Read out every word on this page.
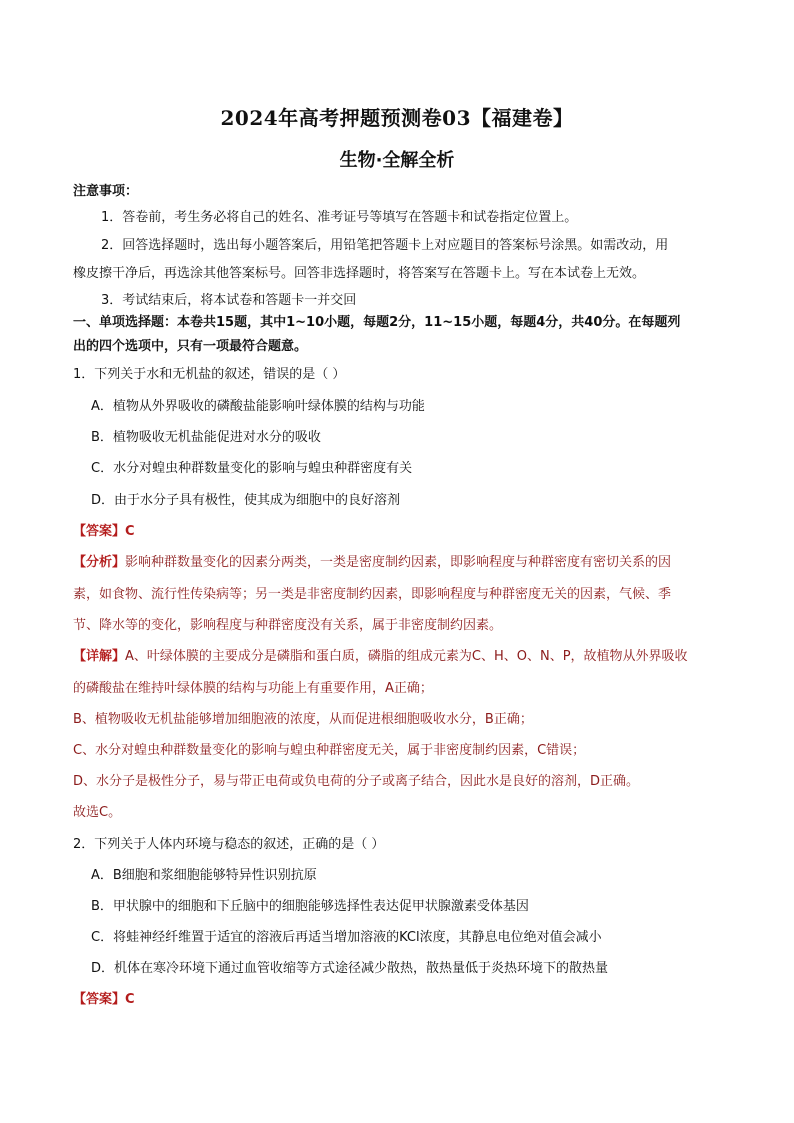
2024年高考押题预测卷03【福建卷】
生物·全解全析
注意事项：
1．答卷前，考生务必将自己的姓名、准考证号等填写在答题卡和试卷指定位置上。
2．回答选择题时，选出每小题答案后，用铅笔把答题卡上对应题目的答案标号涂黑。如需改动，用
橡皮擦干净后，再选涂其他答案标号。回答非选择题时，将答案写在答题卡上。写在本试卷上无效。
3．考试结束后，将本试卷和答题卡一并交回
一、单项选择题：本卷共15题，其中1~10小题，每题2分，11~15小题，每题4分，共40分。在每题列
出的四个选项中，只有一项最符合题意。
1．下列关于水和无机盐的叙述，错误的是（ ）
A．植物从外界吸收的磷酸盐能影响叶绿体膜的结构与功能
B．植物吸收无机盐能促进对水分的吸收
C．水分对蝗虫种群数量变化的影响与蝗虫种群密度有关
D．由于水分子具有极性，使其成为细胞中的良好溶剂
【答案】C
【分析】影响种群数量变化的因素分两类，一类是密度制约因素，即影响程度与种群密度有密切关系的因
素，如食物、流行性传染病等；另一类是非密度制约因素，即影响程度与种群密度无关的因素，气候、季
节、降水等的变化，影响程度与种群密度没有关系，属于非密度制约因素。
【详解】A、叶绿体膜的主要成分是磷脂和蛋白质，磷脂的组成元素为C、H、O、N、P，故植物从外界吸收
的磷酸盐在维持叶绿体膜的结构与功能上有重要作用，A正确；
B、植物吸收无机盐能够增加细胞液的浓度，从而促进根细胞吸收水分，B正确；
C、水分对蝗虫种群数量变化的影响与蝗虫种群密度无关，属于非密度制约因素，C错误；
D、水分子是极性分子，易与带正电荷或负电荷的分子或离子结合，因此水是良好的溶剂，D正确。
故选C。
2．下列关于人体内环境与稳态的叙述，正确的是（ ）
A．B细胞和浆细胞能够特异性识别抗原
B．甲状腺中的细胞和下丘脑中的细胞能够选择性表达促甲状腺激素受体基因
C．将蛙神经纤维置于适宜的溶液后再适当增加溶液的KCl浓度，其静息电位绝对值会减小
D．机体在寒冷环境下通过血管收缩等方式途径减少散热，散热量低于炎热环境下的散热量
【答案】C
